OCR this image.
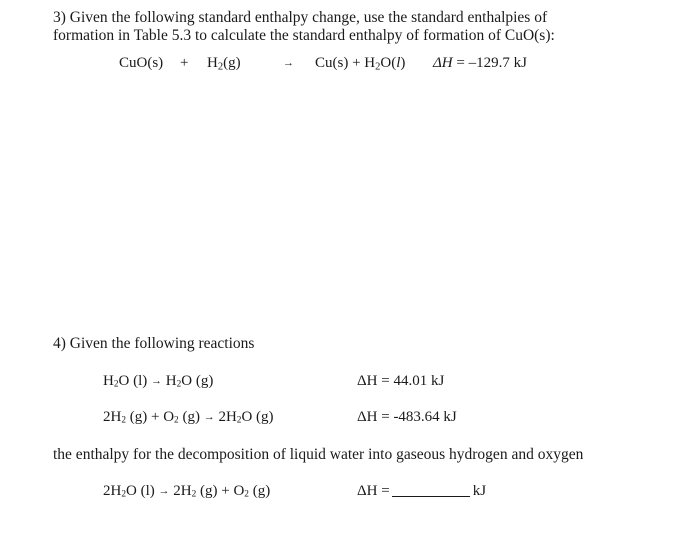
3) Given the following standard enthalpy change, use the standard enthalpies of
formation in Table 5.3 to calculate the standard enthalpy of formation of CuO(s):
$CuO(s) + H_2(g)$	→ $Cu(s) + H_2O(l) \Delta H = -129.7$ kJ
4) Given the following reactions
$H_2O$ $(l) \to H_2O$ (g)	ΔH = 44.01 kJ
$2H_2$ $(g) + O_2$ $(g) \to 2H_2O$ (g)	ΔH = -483.64 kJ
the enthalpy for the decomposition of liquid water into gaseous hydrogen and oxygen
$2H_2O$ $(l) \to 2H_2$ $(g) + O_2$ (g)	ΔH =	kJ
